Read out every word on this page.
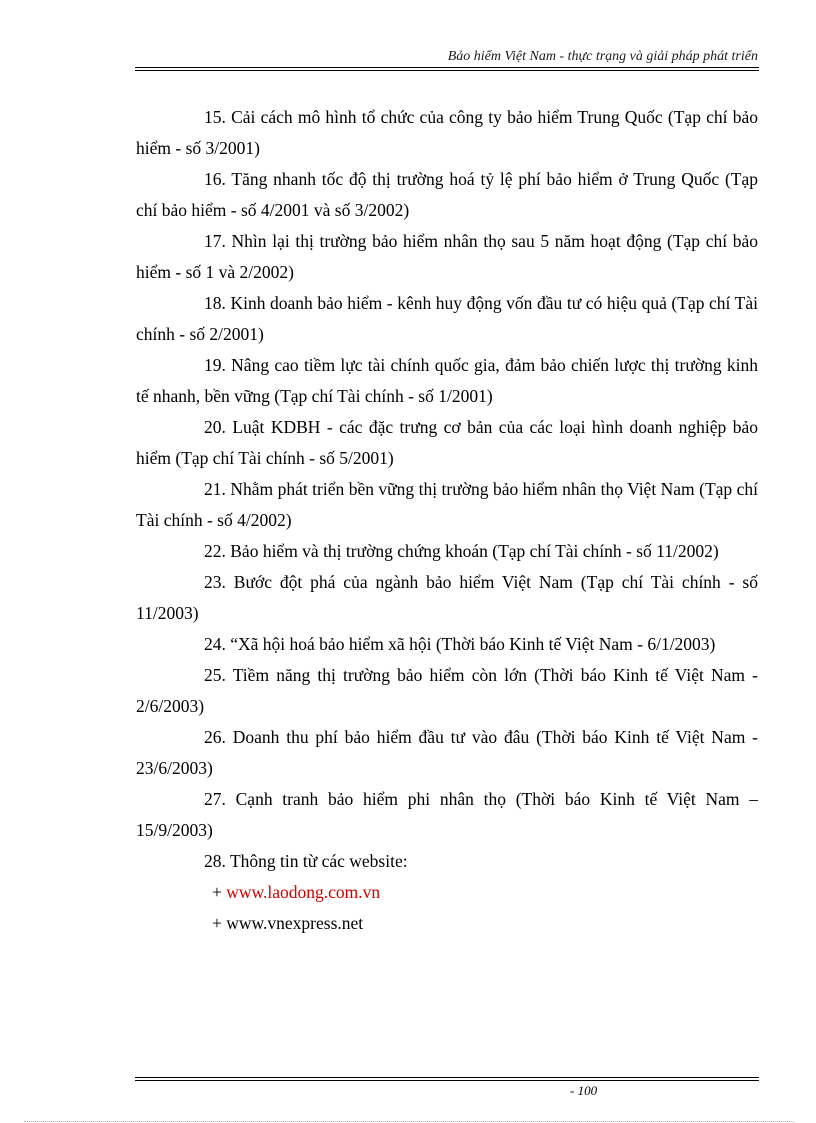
Bảo hiểm Việt Nam - thực trạng và giải pháp phát triển

15. Cải cách mô hình tổ chức của công ty bảo hiểm Trung Quốc (Tạp chí bảo hiểm - số 3/2001)

16. Tăng nhanh tốc độ thị trường hoá tỷ lệ phí bảo hiểm ở Trung Quốc (Tạp chí bảo hiểm - số 4/2001 và số 3/2002)

17. Nhìn lại thị trường bảo hiểm nhân thọ sau 5 năm hoạt động (Tạp chí bảo hiểm - số 1 và 2/2002)

18. Kinh doanh bảo hiểm - kênh huy động vốn đầu tư có hiệu quả (Tạp chí Tài chính - số 2/2001)

19. Nâng cao tiềm lực tài chính quốc gia, đảm bảo chiến lược thị trường kinh tế nhanh, bền vững (Tạp chí Tài chính - số 1/2001)

20. Luật KDBH - các đặc trưng cơ bản của các loại hình doanh nghiệp bảo hiểm (Tạp chí Tài chính - số 5/2001)

21. Nhằm phát triển bền vững thị trường bảo hiểm nhân thọ Việt Nam (Tạp chí Tài chính - số 4/2002)

22. Bảo hiểm và thị trường chứng khoán (Tạp chí Tài chính - số 11/2002)

23. Bước đột phá của ngành bảo hiểm Việt Nam (Tạp chí Tài chính - số 11/2003)

24. “Xã hội hoá bảo hiểm xã hội (Thời báo Kinh tế Việt Nam - 6/1/2003)

25. Tiềm năng thị trường bảo hiểm còn lớn (Thời báo Kinh tế Việt Nam - 2/6/2003)

26. Doanh thu phí bảo hiểm đầu tư vào đâu (Thời báo Kinh tế Việt Nam - 23/6/2003)

27. Cạnh tranh bảo hiểm phi nhân thọ (Thời báo Kinh tế Việt Nam – 15/9/2003)

28. Thông tin từ các website:

+ www.laodong.com.vn

+ www.vnexpress.net

- 100
